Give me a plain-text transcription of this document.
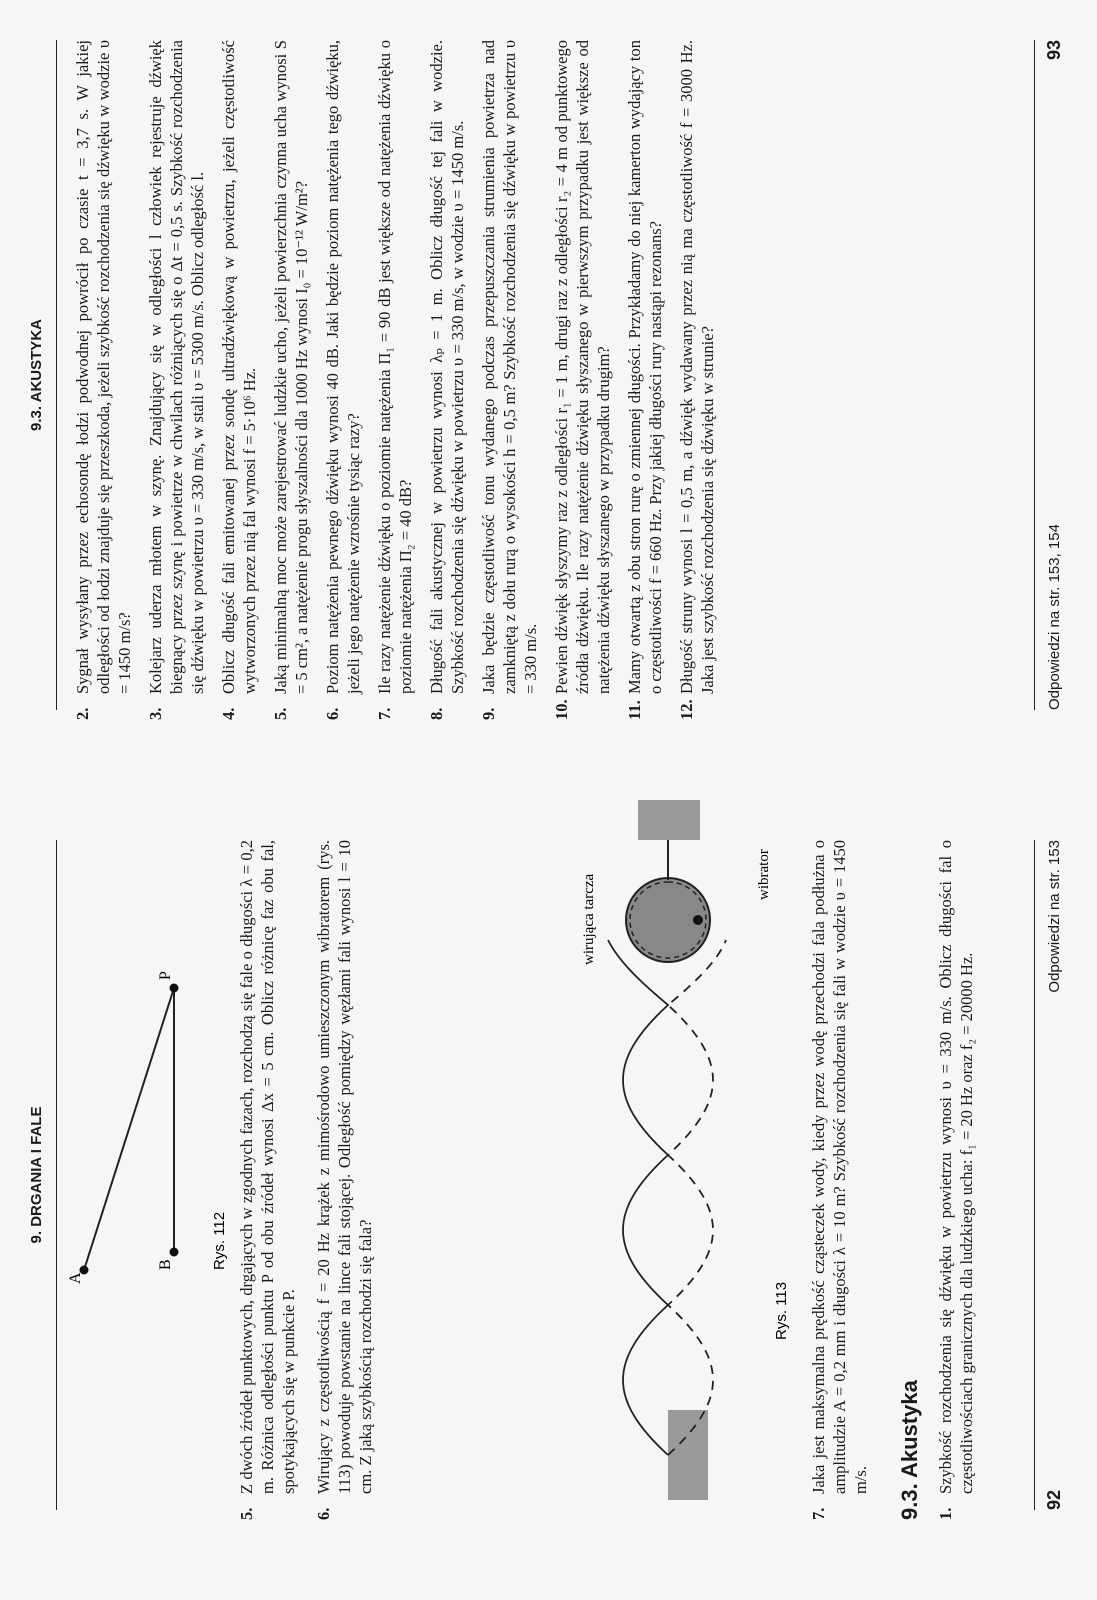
9. DRGANIA I FALE
A
B
P
Rys. 112
5.
Z dwóch źródeł punktowych, drgających w zgodnych fazach, rozchodzą się fale o długości λ = 0,2 m. Różnica odległości punktu P od obu źródeł wynosi Δx = 5 cm. Oblicz różnicę faz obu fal, spotykających się w punkcie P.
6.
Wirujący z częstotliwością f = 20 Hz krążek z mimośrodowo umieszczonym wibratorem (rys. 113) powoduje powstanie na lince fali stojącej. Odległość pomiędzy węzłami fali wynosi l = 10 cm. Z jaką szybkością rozchodzi się fala?
wirująca tarcza	wibrator
Rys. 113
7.
Jaka jest maksymalna prędkość cząsteczek wody, kiedy przez wodę przechodzi fala podłużna o amplitudzie A = 0,2 mm i długości λ = 10 m? Szybkość rozchodzenia się fali w wodzie υ = 1450 m/s. 9.3. Akustyka 1.
Szybkość rozchodzenia się dźwięku w powietrzu wynosi υ = 330 m/s. Oblicz długości fal o częstotliwościach granicznych dla ludzkiego ucha: f₁ = 20 Hz oraz f₂ = 20000 Hz.
92
Odpowiedzi na str. 153
9.3. AKUSTYKA
2.
Sygnał wysyłany przez echosondę łodzi podwodnej powrócił po czasie t = 3,7 s. W jakiej odległości od łodzi znajduje się przeszkoda, jeżeli szybkość rozchodzenia się dźwięku w wodzie υ = 1450 m/s?
3.
Kolejarz uderza młotem w szynę. Znajdujący się w odległości l człowiek rejestruje dźwięk biegnący przez szynę i powietrze w chwilach różniących się o Δt = 0,5 s. Szybkość rozchodzenia się dźwięku w powietrzu υ = 330 m/s, w stali υ = 5300 m/s. Oblicz odległość l.
4.
Oblicz długość fali emitowanej przez sondę ultradźwiękową w powietrzu, jeżeli częstotliwość wytworzonych przez nią fal wynosi f = 5·10⁶ Hz.
5.
Jaką minimalną moc może zarejestrować ludzkie ucho, jeżeli powierzchnia czynna ucha wynosi S = 5 cm², a natężenie progu słyszalności dla 1000 Hz wynosi I₀ = 10⁻¹² W/m²?
6.
Poziom natężenia pewnego dźwięku wynosi 40 dB. Jaki będzie poziom natężenia tego dźwięku, jeżeli jego natężenie wzrośnie tysiąc razy?
7.
Ile razy natężenie dźwięku o poziomie natężenia Π₁ = 90 dB jest większe od natężenia dźwięku o poziomie natężenia Π₂ = 40 dB?
8.
Długość fali akustycznej w powietrzu wynosi λₚ = 1 m. Oblicz długość tej fali w wodzie. Szybkość rozchodzenia się dźwięku w powietrzu υ = 330 m/s, w wodzie υ = 1450 m/s.
9.
Jaka będzie częstotliwość tonu wydanego podczas przepuszczania strumienia powietrza nad zamkniętą z dołu rurą o wysokości h = 0,5 m? Szybkość rozchodzenia się dźwięku w powietrzu υ = 330 m/s.
10.
Pewien dźwięk słyszymy raz z odległości r₁ = 1 m, drugi raz z odległości r₂ = 4 m od punktowego źródła dźwięku. Ile razy natężenie dźwięku słyszanego w pierwszym przypadku jest większe od natężenia dźwięku słyszanego w przypadku drugim?
11.
Mamy otwartą z obu stron rurę o zmiennej długości. Przykładamy do niej kamerton wydający ton o częstotliwości f = 660 Hz. Przy jakiej długości rury nastąpi rezonans?
12.
Długość struny wynosi l = 0,5 m, a dźwięk wydawany przez nią ma częstotliwość f = 3000 Hz. Jaka jest szybkość rozchodzenia się dźwięku w strunie?	Odpowiedzi na str. 153, 154
93
